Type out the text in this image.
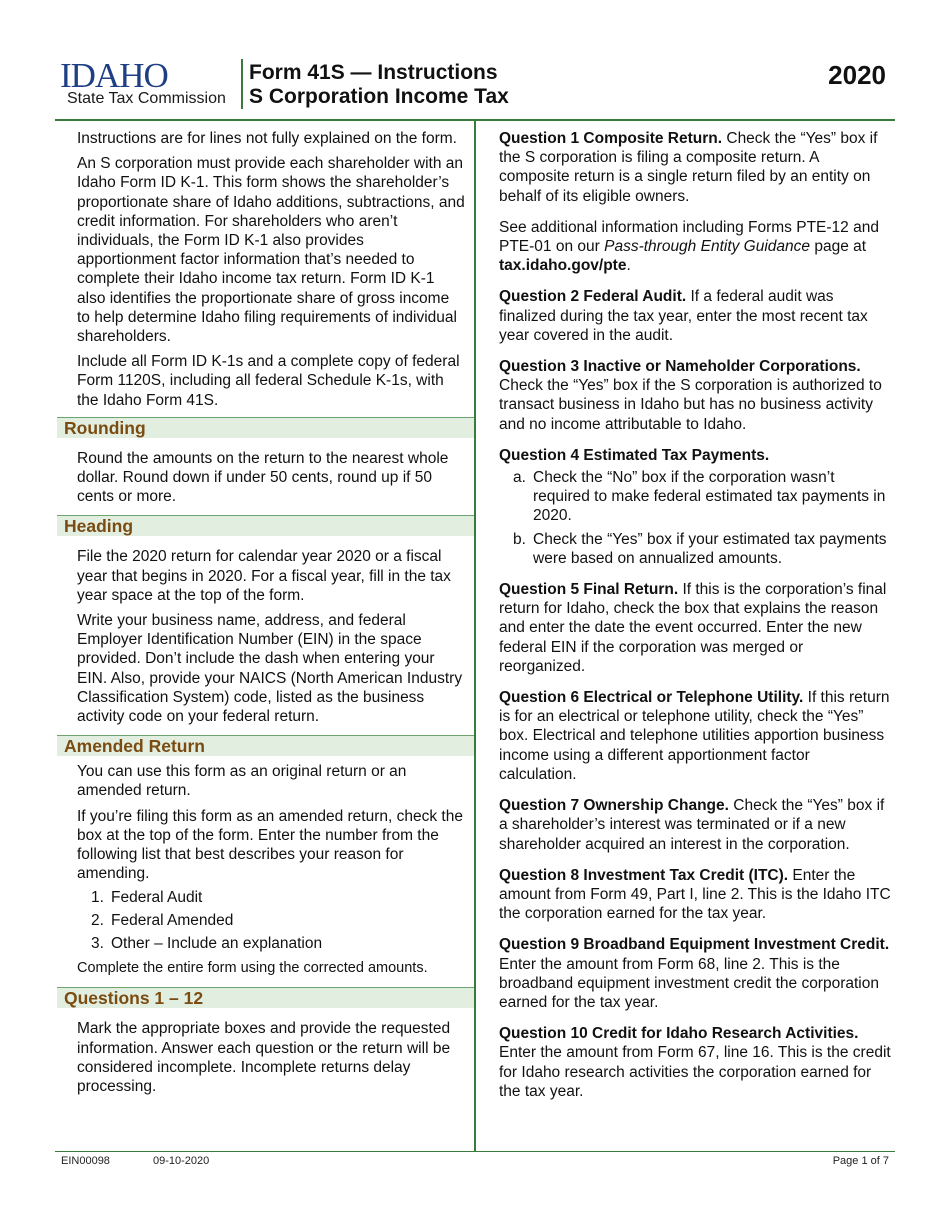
IDAHO
State Tax Commission
Form 41S — Instructions
S Corporation Income Tax
2020

Instructions are for lines not fully explained on the form.

An S corporation must provide each shareholder with an Idaho Form ID K-1. This form shows the shareholder’s proportionate share of Idaho additions, subtractions, and credit information. For shareholders who aren’t individuals, the Form ID K-1 also provides apportionment factor information that’s needed to complete their Idaho income tax return. Form ID K-1 also identifies the proportionate share of gross income to help determine Idaho filing requirements of individual shareholders.

Include all Form ID K-1s and a complete copy of federal Form 1120S, including all federal Schedule K-1s, with the Idaho Form 41S.

Rounding

Round the amounts on the return to the nearest whole dollar. Round down if under 50 cents, round up if 50 cents or more.

Heading

File the 2020 return for calendar year 2020 or a fiscal year that begins in 2020. For a fiscal year, fill in the tax year space at the top of the form.

Write your business name, address, and federal Employer Identification Number (EIN) in the space provided. Don’t include the dash when entering your EIN. Also, provide your NAICS (North American Industry Classification System) code, listed as the business activity code on your federal return.

Amended Return

You can use this form as an original return or an amended return.

If you’re filing this form as an amended return, check the box at the top of the form. Enter the number from the following list that best describes your reason for amending.

1. Federal Audit
2. Federal Amended
3. Other – Include an explanation

Complete the entire form using the corrected amounts.

Questions 1 – 12

Mark the appropriate boxes and provide the requested information. Answer each question or the return will be considered incomplete. Incomplete returns delay processing.

Question 1 Composite Return. Check the “Yes” box if the S corporation is filing a composite return. A composite return is a single return filed by an entity on behalf of its eligible owners.

See additional information including Forms PTE-12 and PTE-01 on our Pass-through Entity Guidance page at tax.idaho.gov/pte.

Question 2 Federal Audit. If a federal audit was finalized during the tax year, enter the most recent tax year covered in the audit.

Question 3 Inactive or Nameholder Corporations. Check the “Yes” box if the S corporation is authorized to transact business in Idaho but has no business activity and no income attributable to Idaho.

Question 4 Estimated Tax Payments.

a. Check the “No” box if the corporation wasn’t required to make federal estimated tax payments in 2020.
b. Check the “Yes” box if your estimated tax payments were based on annualized amounts.

Question 5 Final Return. If this is the corporation’s final return for Idaho, check the box that explains the reason and enter the date the event occurred. Enter the new federal EIN if the corporation was merged or reorganized.

Question 6 Electrical or Telephone Utility. If this return is for an electrical or telephone utility, check the “Yes” box. Electrical and telephone utilities apportion business income using a different apportionment factor calculation.

Question 7 Ownership Change. Check the “Yes” box if a shareholder’s interest was terminated or if a new shareholder acquired an interest in the corporation.

Question 8 Investment Tax Credit (ITC). Enter the amount from Form 49, Part I, line 2. This is the Idaho ITC the corporation earned for the tax year.

Question 9 Broadband Equipment Investment Credit. Enter the amount from Form 68, line 2. This is the broadband equipment investment credit the corporation earned for the tax year.

Question 10 Credit for Idaho Research Activities. Enter the amount from Form 67, line 16. This is the credit for Idaho research activities the corporation earned for the tax year.

EIN00098	09-10-2020	Page 1 of 7
